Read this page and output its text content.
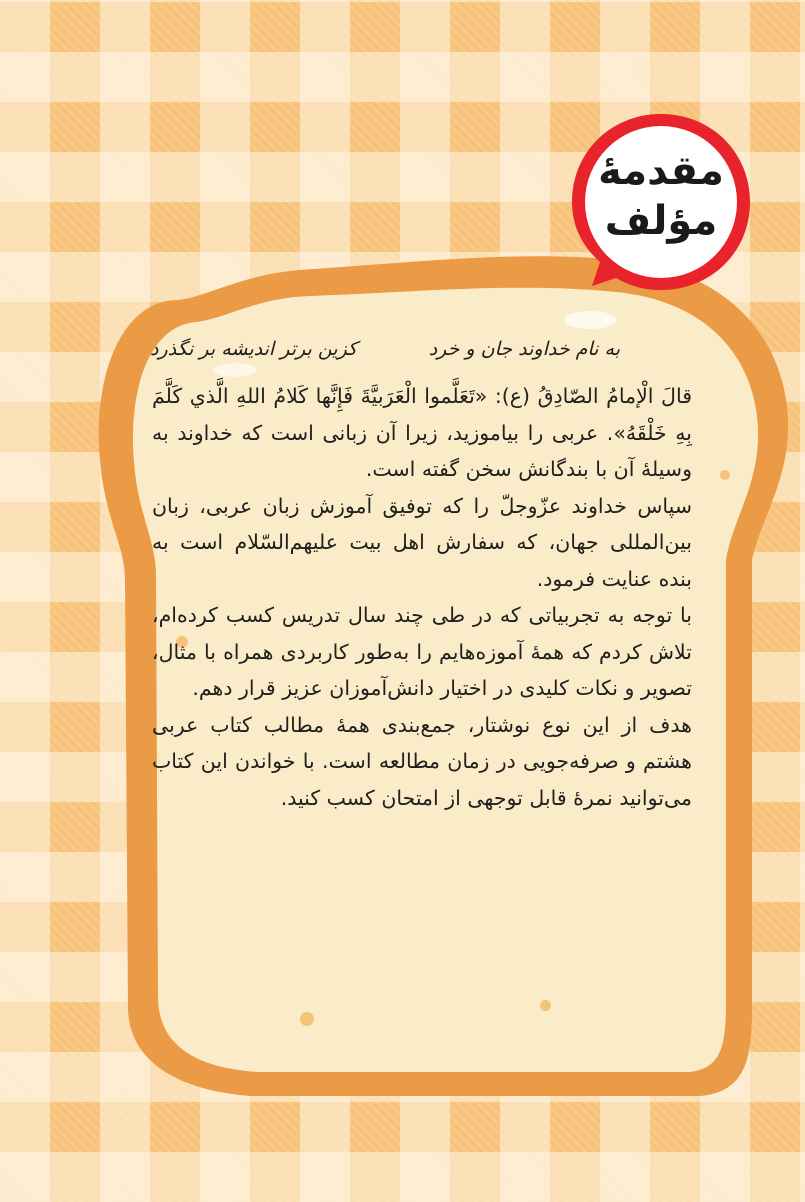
مقدمهٔ
مؤلف
به نام خداوند جان و خرد
کزین برتر اندیشه بر نگذرد

قالَ الْإمامُ الصّادِقُ (ع): «تَعَلَّموا الْعَرَبيَّةَ فَإِنَّها كَلامُ اللهِ الَّذي كَلَّمَ بِهِ خَلْقَهُ». عربی را بیاموزید، زیرا آن زبانی است که خداوند به وسیلهٔ آن با بندگانش سخن گفته است.

سپاس خداوند عزّوجلّ را که توفیق آموزش زبان عربی، زبان بین‌المللی جهان، که سفارش اهل بیت علیهم‌السّلام است به بنده عنایت فرمود.

با توجه به تجربیاتی که در طی چند سال تدریس کسب کرده‌ام، تلاش کردم که همهٔ آموزه‌هایم را به‌طور کاربردی همراه با مثال، تصویر و نکات کلیدی در اختیار دانش‌آموزان عزیز قرار دهم.

هدف از این نوع نوشتار، جمع‌بندی همهٔ مطالب کتاب عربی هشتم و صرفه‌جویی در زمان مطالعه است. با خواندن این کتاب می‌توانید نمرهٔ قابل توجهی از امتحان کسب کنید.
